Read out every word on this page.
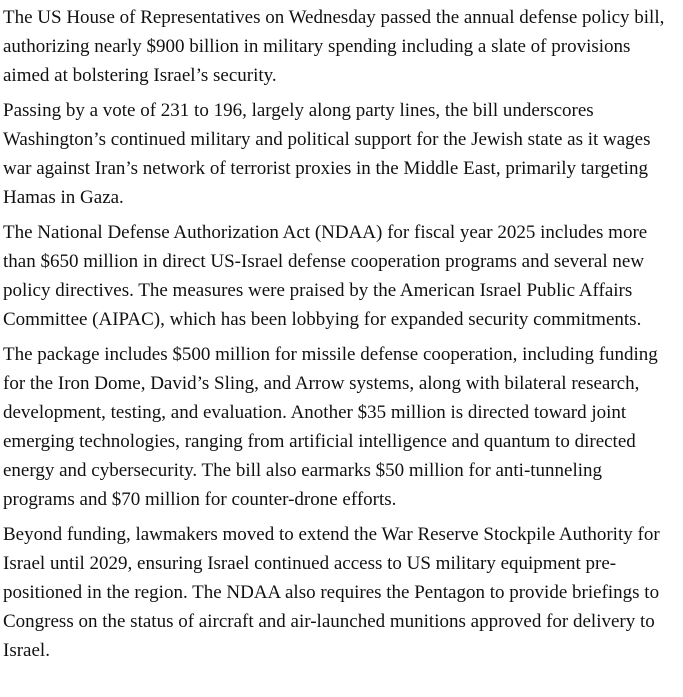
The US House of Representatives on Wednesday passed the annual defense policy bill, authorizing nearly $900 billion in military spending including a slate of provisions aimed at bolstering Israel’s security.

Passing by a vote of 231 to 196, largely along party lines, the bill underscores Washington’s continued military and political support for the Jewish state as it wages war against Iran’s network of terrorist proxies in the Middle East, primarily targeting Hamas in Gaza.

The National Defense Authorization Act (NDAA) for fiscal year 2025 includes more than $650 million in direct US-Israel defense cooperation programs and several new policy directives. The measures were praised by the American Israel Public Affairs Committee (AIPAC), which has been lobbying for expanded security commitments.

The package includes $500 million for missile defense cooperation, including funding for the Iron Dome, David’s Sling, and Arrow systems, along with bilateral research, development, testing, and evaluation. Another $35 million is directed toward joint emerging technologies, ranging from artificial intelligence and quantum to directed energy and cybersecurity. The bill also earmarks $50 million for anti-tunneling programs and $70 million for counter-drone efforts.

Beyond funding, lawmakers moved to extend the War Reserve Stockpile Authority for Israel until 2029, ensuring Israel continued access to US military equipment pre-positioned in the region. The NDAA also requires the Pentagon to provide briefings to Congress on the status of aircraft and air-launched munitions approved for delivery to Israel.
